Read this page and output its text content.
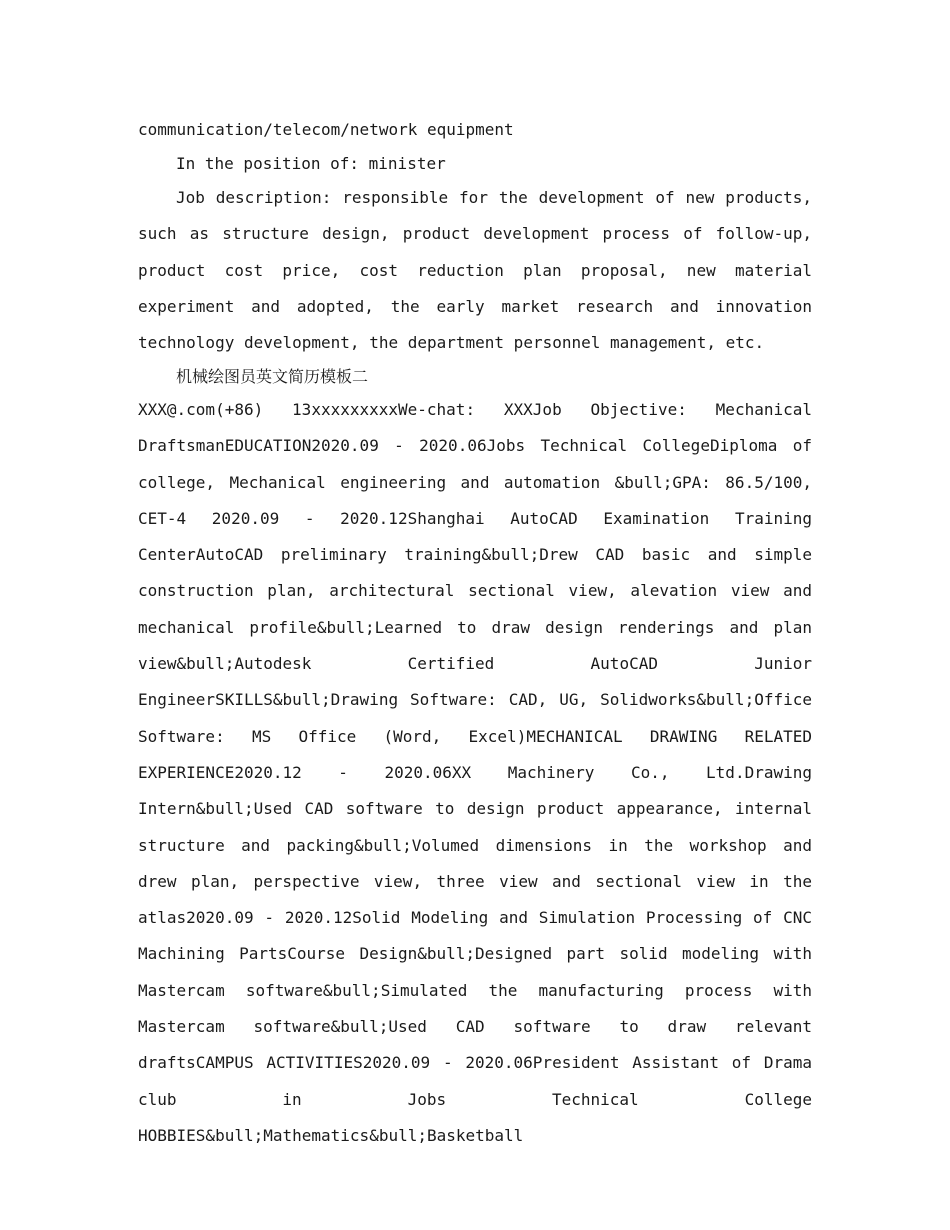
communication/telecom/network equipment

In the position of: minister

Job description: responsible for the development of new products, such as structure design, product development process of follow-up, product cost price, cost reduction plan proposal, new material experiment and adopted, the early market research and innovation technology development, the department personnel management, etc.

机械绘图员英文简历模板二

XXX@.com(+86) 13xxxxxxxxxWe-chat: XXXJob Objective: Mechanical DraftsmanEDUCATION2020.09 - 2020.06Jobs Technical CollegeDiploma of college, Mechanical engineering and automation &bull;GPA: 86.5/100, CET-4 2020.09 - 2020.12Shanghai AutoCAD Examination Training CenterAutoCAD preliminary training&bull;Drew CAD basic and simple construction plan, architectural sectional view, alevation view and mechanical profile&bull;Learned to draw design renderings and plan view&bull;Autodesk Certified AutoCAD Junior EngineerSKILLS&bull;Drawing Software: CAD, UG, Solidworks&bull;Office Software: MS Office (Word, Excel)MECHANICAL DRAWING RELATED EXPERIENCE2020.12 - 2020.06XX Machinery Co., Ltd.Drawing Intern&bull;Used CAD software to design product appearance, internal structure and packing&bull;Volumed dimensions in the workshop and drew plan, perspective view, three view and sectional view in the atlas2020.09 - 2020.12Solid Modeling and Simulation Processing of CNC Machining PartsCourse Design&bull;Designed part solid modeling with Mastercam software&bull;Simulated the manufacturing process with Mastercam software&bull;Used CAD software to draw relevant draftsCAMPUS ACTIVITIES2020.09 - 2020.06President Assistant of Drama club in Jobs Technical College HOBBIES&bull;Mathematics&bull;Basketball
